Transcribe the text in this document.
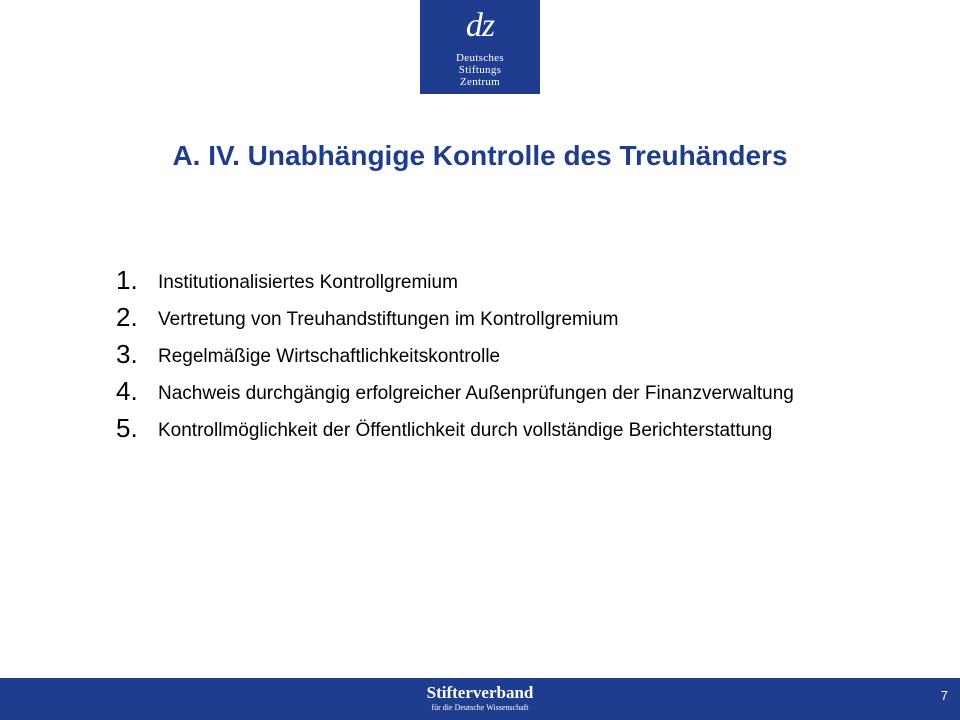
dz
Deutsches
Stiftungs
Zentrum
A. IV. Unabhängige Kontrolle des Treuhänders
1.	Institutionalisiertes Kontrollgremium
2.	Vertretung von Treuhandstiftungen im Kontrollgremium
3.	Regelmäßige Wirtschaftlichkeitskontrolle
4.	Nachweis durchgängig erfolgreicher Außenprüfungen der Finanzverwaltung
5.	Kontrollmöglichkeit der Öffentlichkeit durch vollständige Berichterstattung
Stifterverband
für die Deutsche Wissenschaft
7
